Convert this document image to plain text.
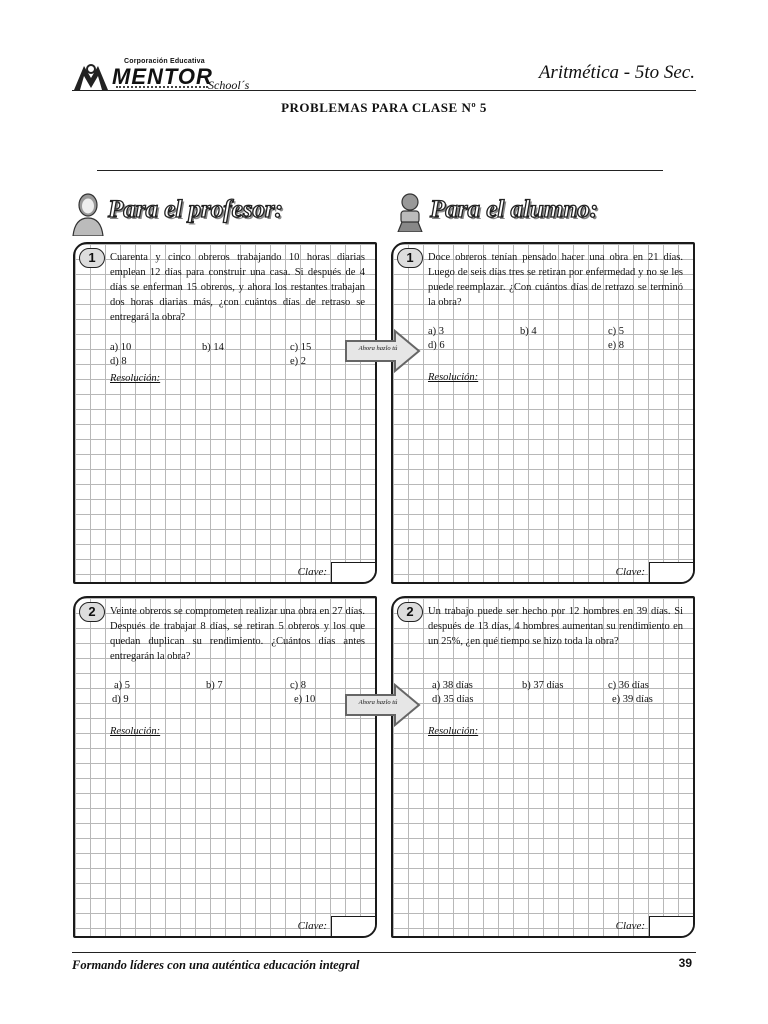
Corporación Educativa
MENTOR
School´s
Aritmética - 5to Sec.
PROBLEMAS PARA CLASE Nº 5
Para el profesor:	Para el alumno:
1	Cuarenta y cinco obreros trabajando 10 horas diarias emplean 12 días para construir una casa. Si después de 4 días se enferman 15 obreros, y ahora los restantes trabajan dos horas diarias más, ¿con cuántos días de retraso se entregará la obra?
a) 10	b) 14	c) 15
d) 8	e) 2
Resolución:
Clave:
1	Doce obreros tenían pensado hacer una obra en 21 días. Luego de seis días tres se retiran por enfermedad y no se les puede reemplazar. ¿Con cuántos días de retrazo se terminó la obra?
a) 3	b) 4	c) 5
d) 6	e) 8
Resolución:
Clave:
Ahora hazlo tú
2	Veinte obreros se comprometen realizar una obra en 27 días. Después de trabajar 8 días, se retiran 5 obreros y los que quedan duplican su rendimiento. ¿Cuántos días antes entregarán la obra?
a) 5	b) 7	c) 8
d) 9	e) 10
Resolución:
Clave:
2	Un trabajo puede ser hecho por 12 hombres en 39 días. Si después de 13 días, 4 hombres aumentan su rendimiento en un 25%, ¿en qué tiempo se hizo toda la obra?
a) 38 días	b) 37 días	c) 36 días
d) 35 días	e) 39 días
Resolución:
Clave:
Ahora hazlo tú
Formando líderes con una auténtica educación integral	39
